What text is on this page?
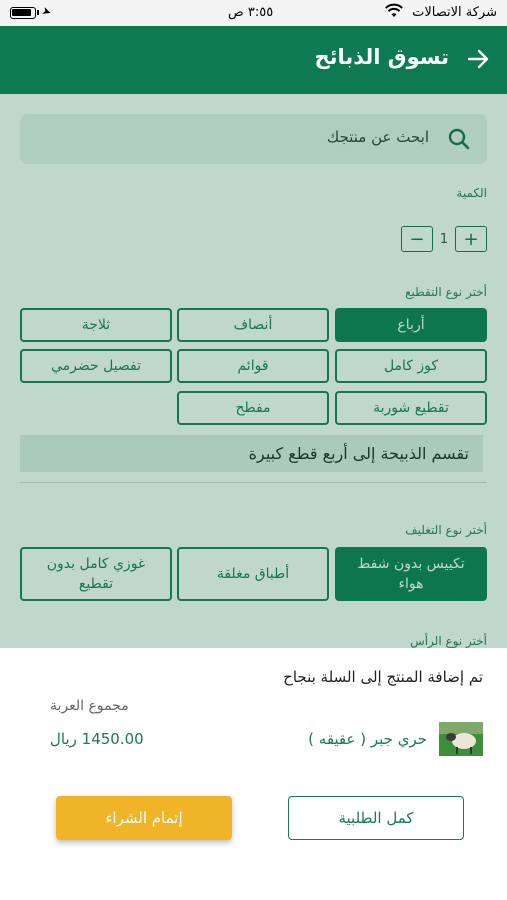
شركة الاتصالات
٣:٥٥ ص
➤
تسوق الذبائح
ابحث عن منتجك
الكمية
+
1
−
أختر نوع التقطيع
أرباع
أنصاف
ثلاجة
كوز كامل
قوائم
تفصيل حضرمي
تقطيع شوربة
مفطح
تقسم الذبيحة إلى أربع قطع كبيرة
أختر نوع التغليف
تكييس بدون شفط هواء
أطباق مغلقة
غوزي كامل بدون تقطيع
أختر نوع الرأس
تم إضافة المنتج إلى السلة بنجاح
مجموع العربة
1450.00 ريال	حري جبر ( عقيقه )
كمل الطلبية
إتمام الشراء
